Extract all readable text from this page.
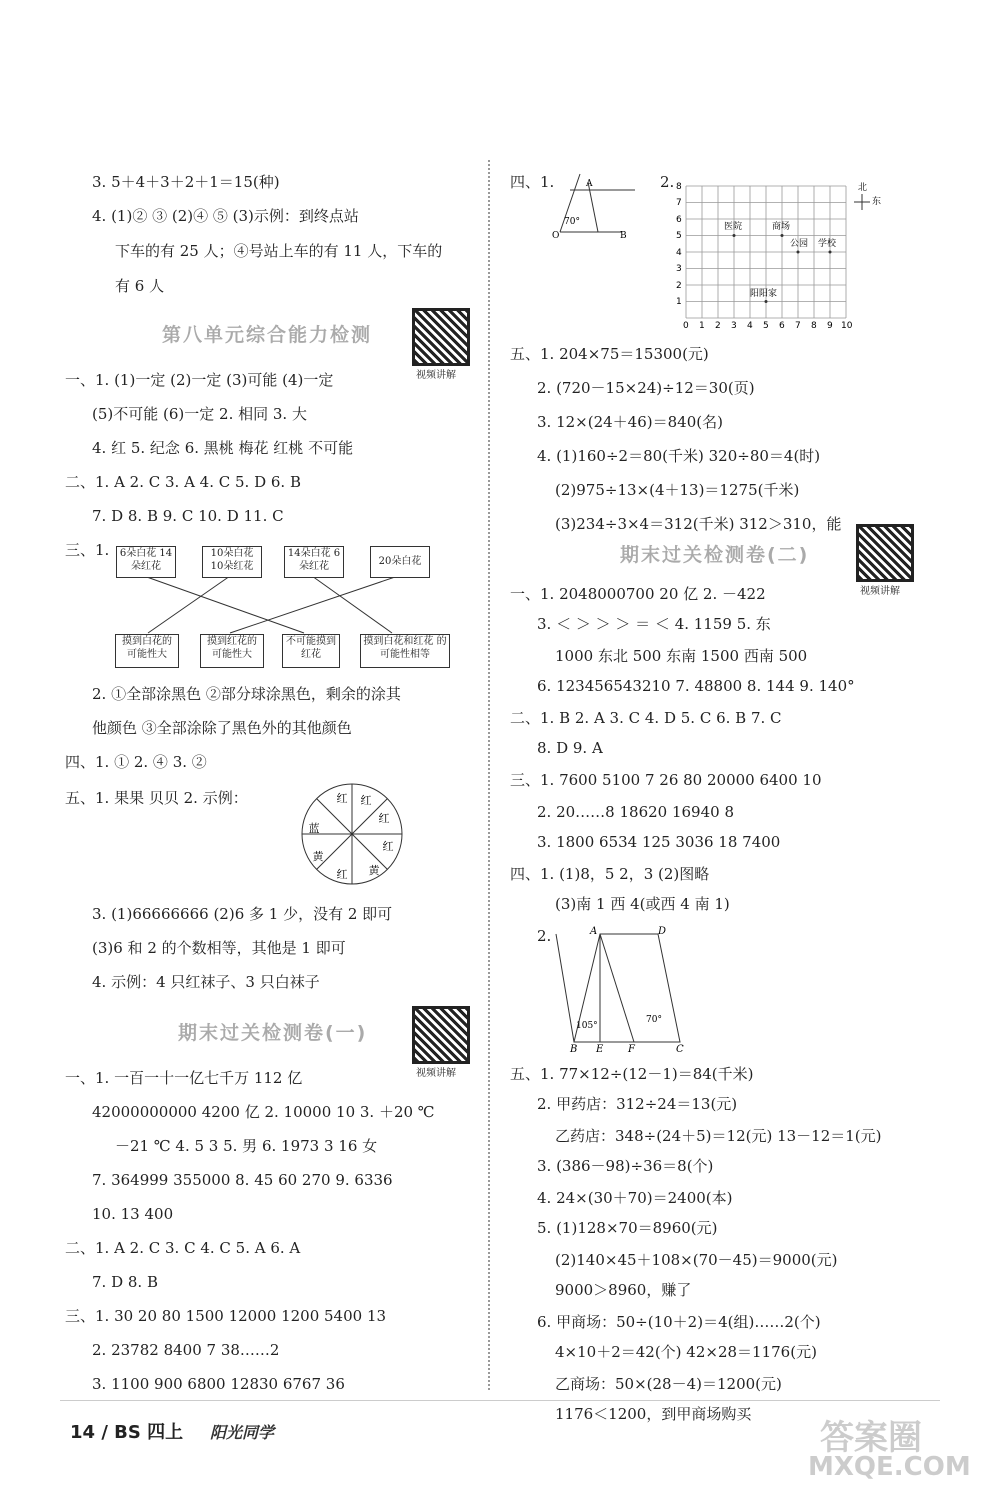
3. 5＋4＋3＋2＋1＝15(种)
4. (1)② ③ (2)④ ⑤ (3)示例：到终点站
下车的有 25 人；④号站上车的有 11 人，下车的
有 6 人
第八单元综合能力检测
视频讲解
一、1. (1)一定 (2)一定 (3)可能 (4)一定
(5)不可能 (6)一定 2. 相同 3. 大
4. 红 5. 纪念 6. 黑桃 梅花 红桃 不可能
二、1. A 2. C 3. A 4. C 5. D 6. B
7. D 8. B 9. C 10. D 11. C
三、1.	6朵白花 14朵红花
10朵白花 10朵红花
14朵白花 6朵红花	20朵白花
摸到白花的 可能性大
摸到红花的 可能性大
不可能摸到 红花
摸到白花和红花 的可能性相等
2. ①全部涂黑色 ②部分球涂黑色，剩余的涂其
他颜色 ③全部涂除了黑色外的其他颜色
四、1. ① 2. ④ 3. ②
五、1. 果果 贝贝 2. 示例：	红 红
红
红
黄
红
黄
蓝
3. (1)66666666 (2)6 多 1 少，没有 2 即可
(3)6 和 2 的个数相等，其他是 1 即可
4. 示例：4 只红袜子、3 只白袜子
期末过关检测卷(一)
视频讲解
一、1. 一百一十一亿七千万 112 亿
42000000000 4200 亿 2. 10000 10 3. ＋20 ℃
－21 ℃ 4. 5 3 5. 男 6. 1973 3 16 女
7. 364999 355000 8. 45 60 270 9. 6336
10. 13 400
二、1. A 2. C 3. C 4. C 5. A 6. A
7. D 8. B
三、1. 30 20 80 1500 12000 1200 5400 13
2. 23782 8400 7 38……2
3. 1100 900 6800 12830 6767 36
四、1.
70°
A
O	B
2.
0 1 2 3 4 5 6 7 8 9 10
8
7
6
5
4
3
2
1
医院	商场
公园 学校
阳阳家
北
东
五、1. 204×75＝15300(元)
2. (720－15×24)÷12＝30(页)
3. 12×(24＋46)＝840(名)
4. (1)160÷2＝80(千米) 320÷80＝4(时)
(2)975÷13×(4＋13)＝1275(千米)
(3)234÷3×4＝312(千米) 312＞310，能
期末过关检测卷(二)
视频讲解
一、1. 2048000700 20 亿 2. －422
3. ＜ ＞ ＞ ＞ ＝ ＜ 4. 1159 5. 东
1000 东北 500 东南 1500 西南 500
6. 123456543210 7. 48800 8. 144 9. 140°
二、1. B 2. A 3. C 4. D 5. C 6. B 7. C
8. D 9. A
三、1. 7600 5100 7 26 80 20000 6400 10
2. 20……8 18620 16940 8
3. 1800 6534 125 3036 18 7400
四、1. (1)8，5 2，3 (2)图略
(3)南 1 西 4(或西 4 南 1)
2.	A	D
B E F	C
105°
70°
五、1. 77×12÷(12－1)＝84(千米)
2. 甲药店：312÷24＝13(元)
乙药店：348÷(24＋5)＝12(元) 13－12＝1(元)
3. (386－98)÷36＝8(个)
4. 24×(30＋70)＝2400(本)
5. (1)128×70＝8960(元)
(2)140×45＋108×(70－45)＝9000(元)
9000＞8960，赚了
6. 甲商场：50÷(10＋2)＝4(组)……2(个)
4×10＋2＝42(个) 42×28＝1176(元)
乙商场：50×(28－4)＝1200(元)
1176＜1200，到甲商场购买
14 / BS 四上 阳光同学	答案圈
MXQE.COM
